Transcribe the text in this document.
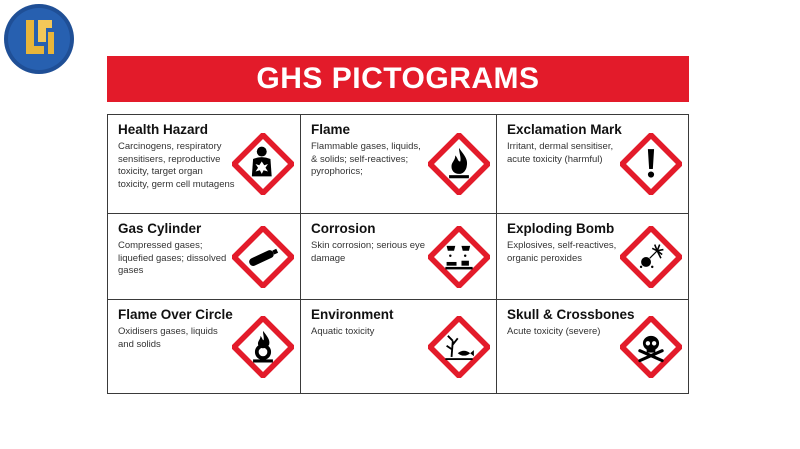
GHS PICTOGRAMS
Health Hazard
Carcinogens, respiratory sensitisers, reproductive toxicity, target organ toxicity, germ cell mutagens
Flame
Flammable gases, liquids, & solids; self-reactives; pyrophorics;
Exclamation Mark
Irritant, dermal sensitiser, acute toxicity (harmful)
Gas Cylinder
Compressed gases; liquefied gases; dissolved gases
Corrosion
Skin corrosion; serious eye damage
Exploding Bomb
Explosives, self-reactives, organic peroxides
Flame Over Circle
Oxidisers gases, liquids and solids
Environment
Aquatic toxicity
Skull & Crossbones
Acute toxicity (severe)
